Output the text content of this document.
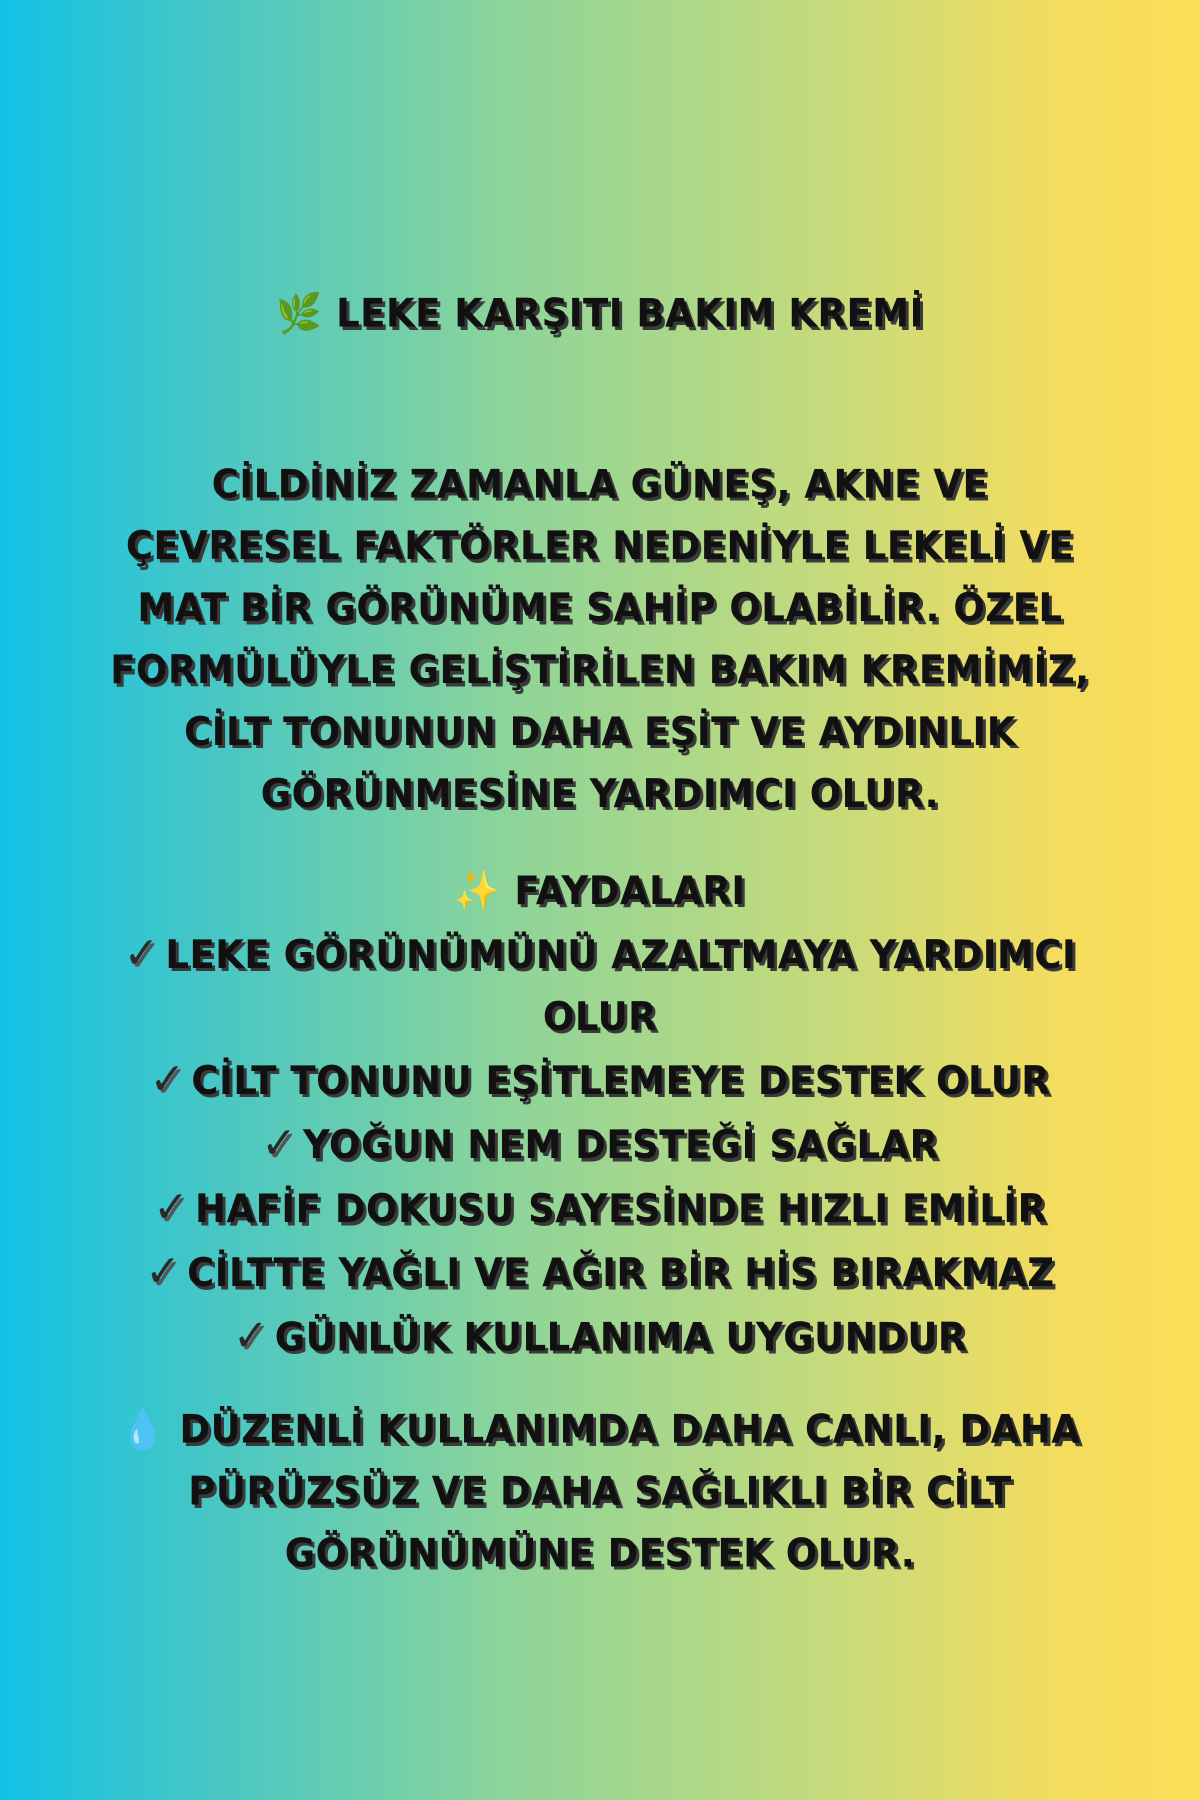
🌿 LEKE KARŞITI BAKIM KREMİ
CİLDİNİZ ZAMANLA GÜNEŞ, AKNE VE
ÇEVRESEL FAKTÖRLER NEDENİYLE LEKELİ VE
MAT BİR GÖRÜNÜME SAHİP OLABİLİR. ÖZEL
FORMÜLÜYLE GELİŞTİRİLEN BAKIM KREMİMİZ,
CİLT TONUNUN DAHA EŞİT VE AYDINLIK
GÖRÜNMESİNE YARDIMCI OLUR.
✨ FAYDALARI
✓ LEKE GÖRÜNÜMÜNÜ AZALTMAYA YARDIMCI
OLUR
✓ CİLT TONUNU EŞİTLEMEYE DESTEK OLUR
✓ YOĞUN NEM DESTEĞİ SAĞLAR
✓ HAFİF DOKUSU SAYESİNDE HIZLI EMİLİR
✓ CİLTTE YAĞLI VE AĞIR BİR HİS BIRAKMAZ
✓ GÜNLÜK KULLANIMA UYGUNDUR
💧 DÜZENLİ KULLANIMDA DAHA CANLI, DAHA
PÜRÜZSÜZ VE DAHA SAĞLIKLI BİR CİLT
GÖRÜNÜMÜNE DESTEK OLUR.
